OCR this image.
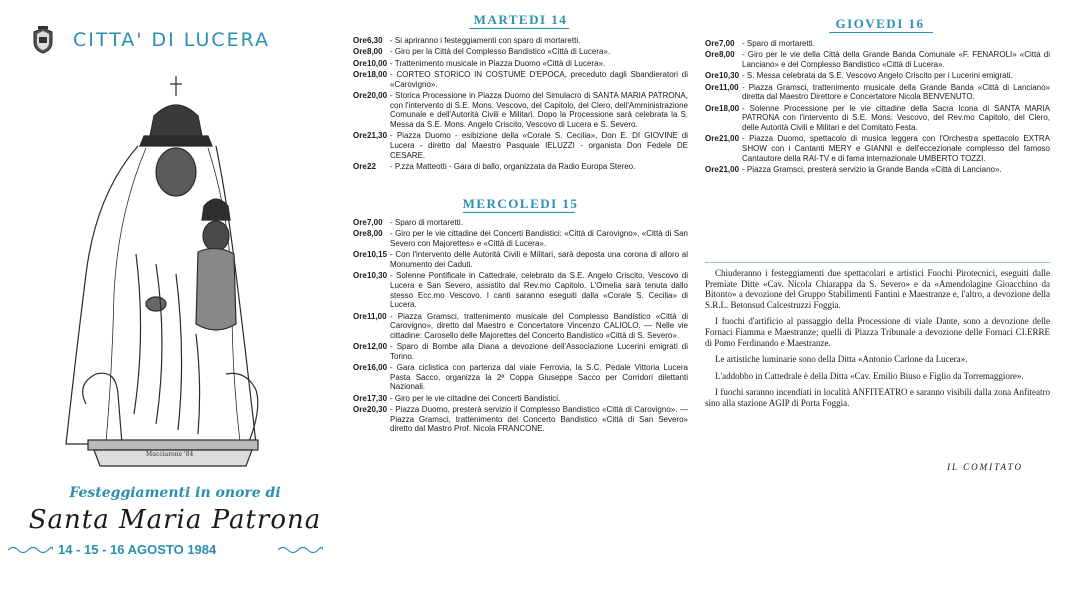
CITTA' DI LUCERA
Mucciarone '84
Festeggiamenti in onore di
Santa Maria Patrona
14 - 15 - 16 AGOSTO 1984
MARTEDI 14
Ore 6,30 - Si apriranno i festeggiamenti con sparo di mortaretti.
Ore 8,00 - Giro per la Città del Complesso Bandistico «Città di Lucera».
Ore 10,00 - Trattenimento musicale in Piazza Duomo «Città di Lucera».
Ore 18,00 - CORTEO STORICO IN COSTUME D'EPOCA, preceduto dagli Sbandieratori di «Carovigno».
Ore 20,00 - Storica Processione in Piazza Duomo del Simulacro di SANTA MARIA PATRONA, con l'intervento di S.E. Mons. Vescovo, del Capitolo, del Clero, dell'Amministrazione Comunale e dell'Autorità Civili e Militari. Dopo la Processione sarà celebrata la S. Messa da S.E. Mons. Angelo Criscito, Vescovo di Lucera e S. Severo.
Ore 21,30 - Piazza Duomo - esibizione della «Corale S. Cecilia», Don E. DI GIOVINE di Lucera - diretto dal Maestro Pasquale IELUZZI - organista Don Fedele DE CESARE.
Ore 22	- P.zza Matteotti - Gara di ballo, organizzata da Radio Europa Stereo.
MERCOLEDI 15
Ore 7,00 - Sparo di mortaretti.
Ore 8,00 - Giro per le vie cittadine dei Concerti Bandistici: «Città di Carovigno», «Città di San Severo con Majorettes» e «Città di Lucera».
Ore 10,15 - Con l'intervento delle Autorità Civili e Militari, sarà deposta una corona di alloro al Monumento dei Caduti.
Ore 10,30 - Solenne Pontificale in Cattedrale, celebrato da S.E. Angelo Criscito, Vescovo di Lucera e San Severo, assistito dal Rev.mo Capitolo. L'Omelia sarà tenuta dallo stesso Ecc.mo Vescovo. I canti saranno eseguiti dalla «Corale S. Cecilia» di Lucera.
Ore 11,00 - Piazza Gramsci, trattenimento musicale del Complesso Bandistico «Città di Carovigno», diretto dal Maestro e Concertatore Vincenzo CALIOLO. — Nelle vie cittadine: Carosello delle Majorettes del Concerto Bandistico «Città di S. Severo».
Ore 12,00 - Sparo di Bombe alla Diana a devozione dell'Associazione Lucerini emigrati di Torino.
Ore 16,00 - Gara ciclistica con partenza dal viale Ferrovia, la S.C. Pedale Vittoria Lucera Pasta Sacco, organizza la 2ª Coppa Giuseppe Sacco per Corridori dilettanti Nazionali.
Ore 17,30 - Giro per le vie cittadine dei Concerti Bandistici.
Ore 20,30 - Piazza Duomo, presterà servizio il Complesso Bandistico «Città di Carovigno». — Piazza Gramsci, trattenimento del Concerto Bandistico «Città di San Severo» diretto dal Mastro Prof. Nicola FRANCONE.
GIOVEDI 16
Ore 7,00 - Sparo di mortaretti.
Ore 8,00 - Giro per le vie della Città della Grande Banda Comunale «F. FENAROLI» «Città di Lanciano» e del Complesso Bandistico «Città di Lucera».
Ore 10,30 - S. Messa celebrata da S.E. Vescovo Angelo Criscito per i Lucerini emigrati.
Ore 11,00 - Piazza Gramsci, trattenimento musicale della Grande Banda «Città di Lanciano» diretta dal Maestro Direttore e Concertatore Nicola BENVENUTO.
Ore 18,00 - Solenne Processione per le vie cittadine della Sacra Icona di SANTA MARIA PATRONA con l'intervento di S.E. Mons. Vescovo, del Rev.mo Capitolo, del Clero, delle Autorità Civili e Militari e del Comitato Festa.
Ore 21,00 - Piazza Duomo, spettacolo di musica leggera con l'Orchestra spettacolo EXTRA SHOW con i Cantanti MERY e GIANNI e dell'eccezionale complesso del famoso Cantautore della RAI-TV e di fama internazionale UMBERTO TOZZI.
Ore 21,00 - Piazza Gramsci, presterà servizio la Grande Banda «Città di Lanciano».

Chiuderanno i festeggiamenti due spettacolari e artistici Fuochi Pirotecnici, eseguiti dalle Premiate Ditte «Cav. Nicola Chiarappa da S. Severo» e da «Amendolagine Gioacchino da Bitonto» a devozione del Gruppo Stabilimenti Fantini e Maestranze e, l'altro, a devozione della S.R.L. Betonsud Calcestruzzi Foggia.

I fuochi d'artificio al passaggio della Processione di viale Dante, sono a devozione delle Fornaci Fiamma e Maestranze; quelli di Piazza Tribunale a devozione delle Fornaci CI.ERRE di Pomo Ferdinando e Maestranze.

Le artistiche luminarie sono della Ditta «Antonio Carlone da Lucera».

L'addobbo in Cattedrale è della Ditta «Cav. Emilio Biuso e Figlio da Torremaggiore».

I fuochi saranno incendiati in località ANFITEATRO e saranno visibili dalla zona Anfiteatro sino alla stazione AGIP di Porta Foggia.

IL COMITATO
